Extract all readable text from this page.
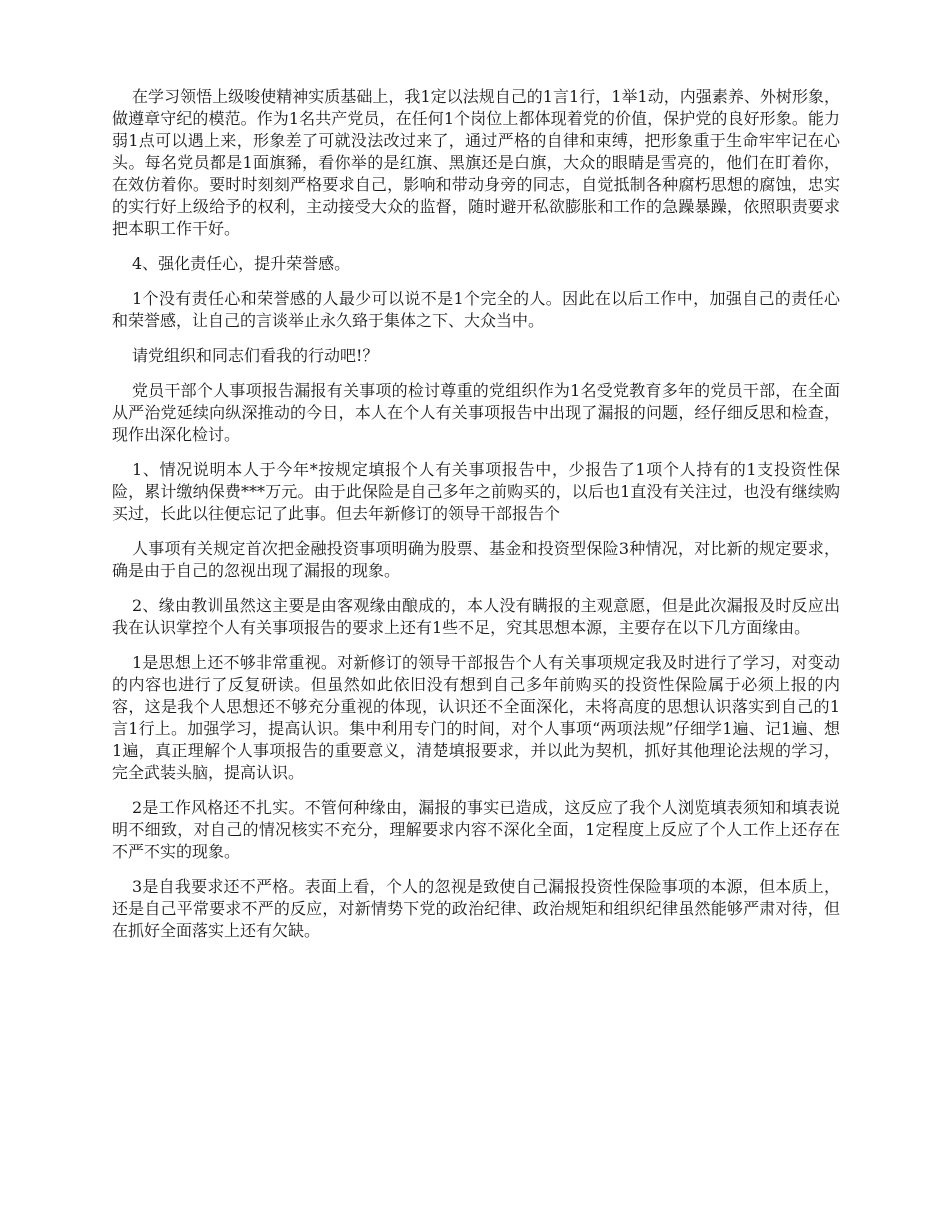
在学习领悟上级唆使精神实质基础上，我1定以法规自己的1言1行，1举1动，内强素养、外树形象，做遵章守纪的模范。作为1名共产党员，在任何1个岗位上都体现着党的价值，保护党的良好形象。能力弱1点可以遇上来，形象差了可就没法改过来了，通过严格的自律和束缚，把形象重于生命牢牢记在心头。每名党员都是1面旗豨，看你举的是红旗、黑旗还是白旗，大众的眼睛是雪亮的，他们在盯着你，在效仿着你。要时时刻刻严格要求自己，影响和带动身旁的同志，自觉抵制各种腐朽思想的腐蚀，忠实的实行好上级给予的权利，主动接受大众的监督，随时避开私欲膨胀和工作的急躁暴躁，依照职责要求把本职工作干好。

4、强化责任心，提升荣誉感。

1个没有责任心和荣誉感的人最少可以说不是1个完全的人。因此在以后工作中，加强自己的责任心和荣誉感，让自己的言谈举止永久臵于集体之下、大众当中。

请党组织和同志们看我的行动吧!？

党员干部个人事项报告漏报有关事项的检讨尊重的党组织作为1名受党教育多年的党员干部，在全面从严治党延续向纵深推动的今日，本人在个人有关事项报告中出现了漏报的问题，经仔细反思和检查，现作出深化检讨。

1、情况说明本人于今年*按规定填报个人有关事项报告中，少报告了1项个人持有的1支投资性保险，累计缴纳保费***万元。由于此保险是自己多年之前购买的，以后也1直没有关注过，也没有继续购买过，长此以往便忘记了此事。但去年新修订的领导干部报告个

人事项有关规定首次把金融投资事项明确为股票、基金和投资型保险3种情况，对比新的规定要求，确是由于自己的忽视出现了漏报的现象。

2、缘由教训虽然这主要是由客观缘由酿成的，本人没有瞒报的主观意愿，但是此次漏报及时反应出我在认识掌控个人有关事项报告的要求上还有1些不足，究其思想本源，主要存在以下几方面缘由。

1是思想上还不够非常重视。对新修订的领导干部报告个人有关事项规定我及时进行了学习，对变动的内容也进行了反复研读。但虽然如此依旧没有想到自己多年前购买的投资性保险属于必须上报的内容，这是我个人思想还不够充分重视的体现，认识还不全面深化，未将高度的思想认识落实到自己的1言1行上。加强学习，提高认识。集中利用专门的时间，对个人事项“两项法规”仔细学1遍、记1遍、想1遍，真正理解个人事项报告的重要意义，清楚填报要求，并以此为契机，抓好其他理论法规的学习，完全武装头脑，提高认识。

2是工作风格还不扎实。不管何种缘由，漏报的事实已造成，这反应了我个人浏览填表须知和填表说明不细致，对自己的情况核实不充分，理解要求内容不深化全面，1定程度上反应了个人工作上还存在不严不实的现象。

3是自我要求还不严格。表面上看，个人的忽视是致使自己漏报投资性保险事项的本源，但本质上，还是自己平常要求不严的反应，对新情势下党的政治纪律、政治规矩和组织纪律虽然能够严肃对待，但在抓好全面落实上还有欠缺。
